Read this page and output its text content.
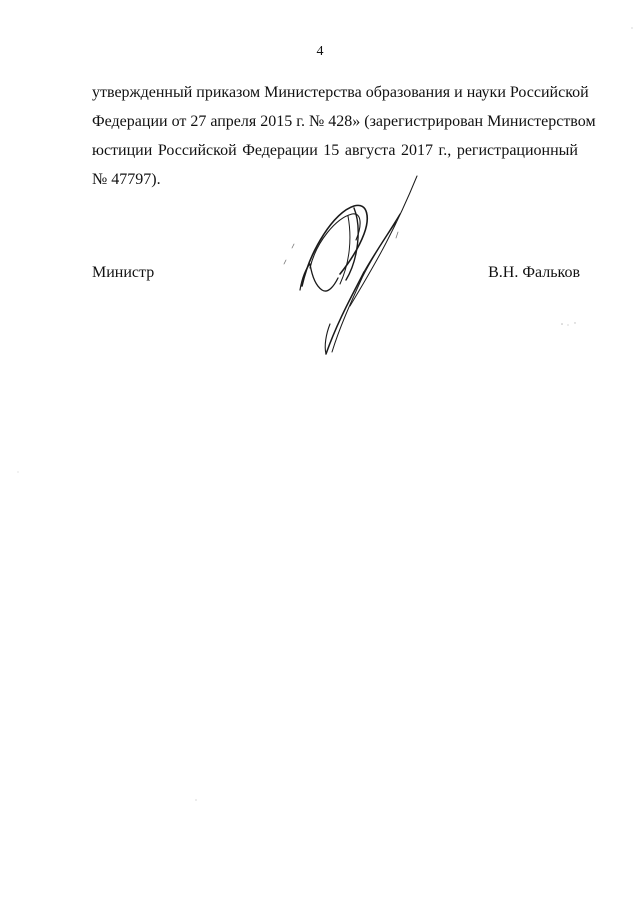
4
утвержденный приказом Министерства образования и науки Российской
Федерации от 27 апреля 2015 г. № 428» (зарегистрирован Министерством
юстиции Российской Федерации 15 августа 2017 г., регистрационный
№ 47797).
Министр	В.Н. Фальков
